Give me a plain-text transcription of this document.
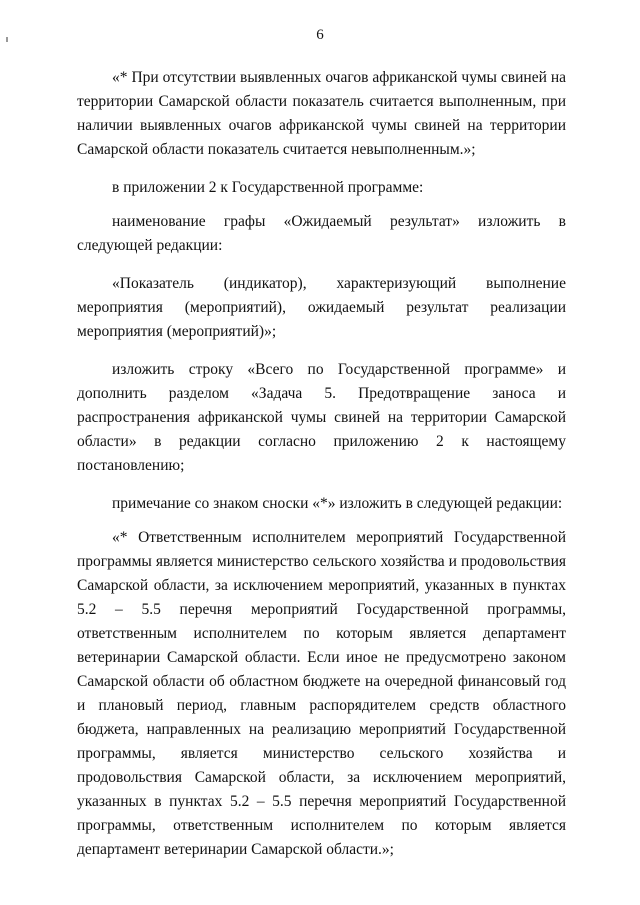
6

«* При отсутствии выявленных очагов африканской чумы свиней на территории Самарской области показатель считается выполненным, при наличии выявленных очагов африканской чумы свиней на территории Самарской области показатель считается невыполненным.»;

в приложении 2 к Государственной программе:

наименование графы «Ожидаемый результат» изложить в следующей редакции:

«Показатель (индикатор), характеризующий выполнение мероприятия (мероприятий), ожидаемый результат реализации мероприятия (мероприятий)»;

изложить строку «Всего по Государственной программе» и дополнить разделом «Задача 5. Предотвращение заноса и распространения африканской чумы свиней на территории Самарской области» в редакции согласно приложению 2 к настоящему постановлению;

примечание со знаком сноски «*» изложить в следующей редакции:

«* Ответственным исполнителем мероприятий Государственной программы является министерство сельского хозяйства и продовольствия Самарской области, за исключением мероприятий, указанных в пунктах 5.2 – 5.5 перечня мероприятий Государственной программы, ответственным исполнителем по которым является департамент ветеринарии Самарской области. Если иное не предусмотрено законом Самарской области об областном бюджете на очередной финансовый год и плановый период, главным распорядителем средств областного бюджета, направленных на реализацию мероприятий Государственной программы, является министерство сельского хозяйства и продовольствия Самарской области, за исключением мероприятий, указанных в пунктах 5.2 – 5.5 перечня мероприятий Государственной программы, ответственным исполнителем по которым является департамент ветеринарии Самарской области.»;
